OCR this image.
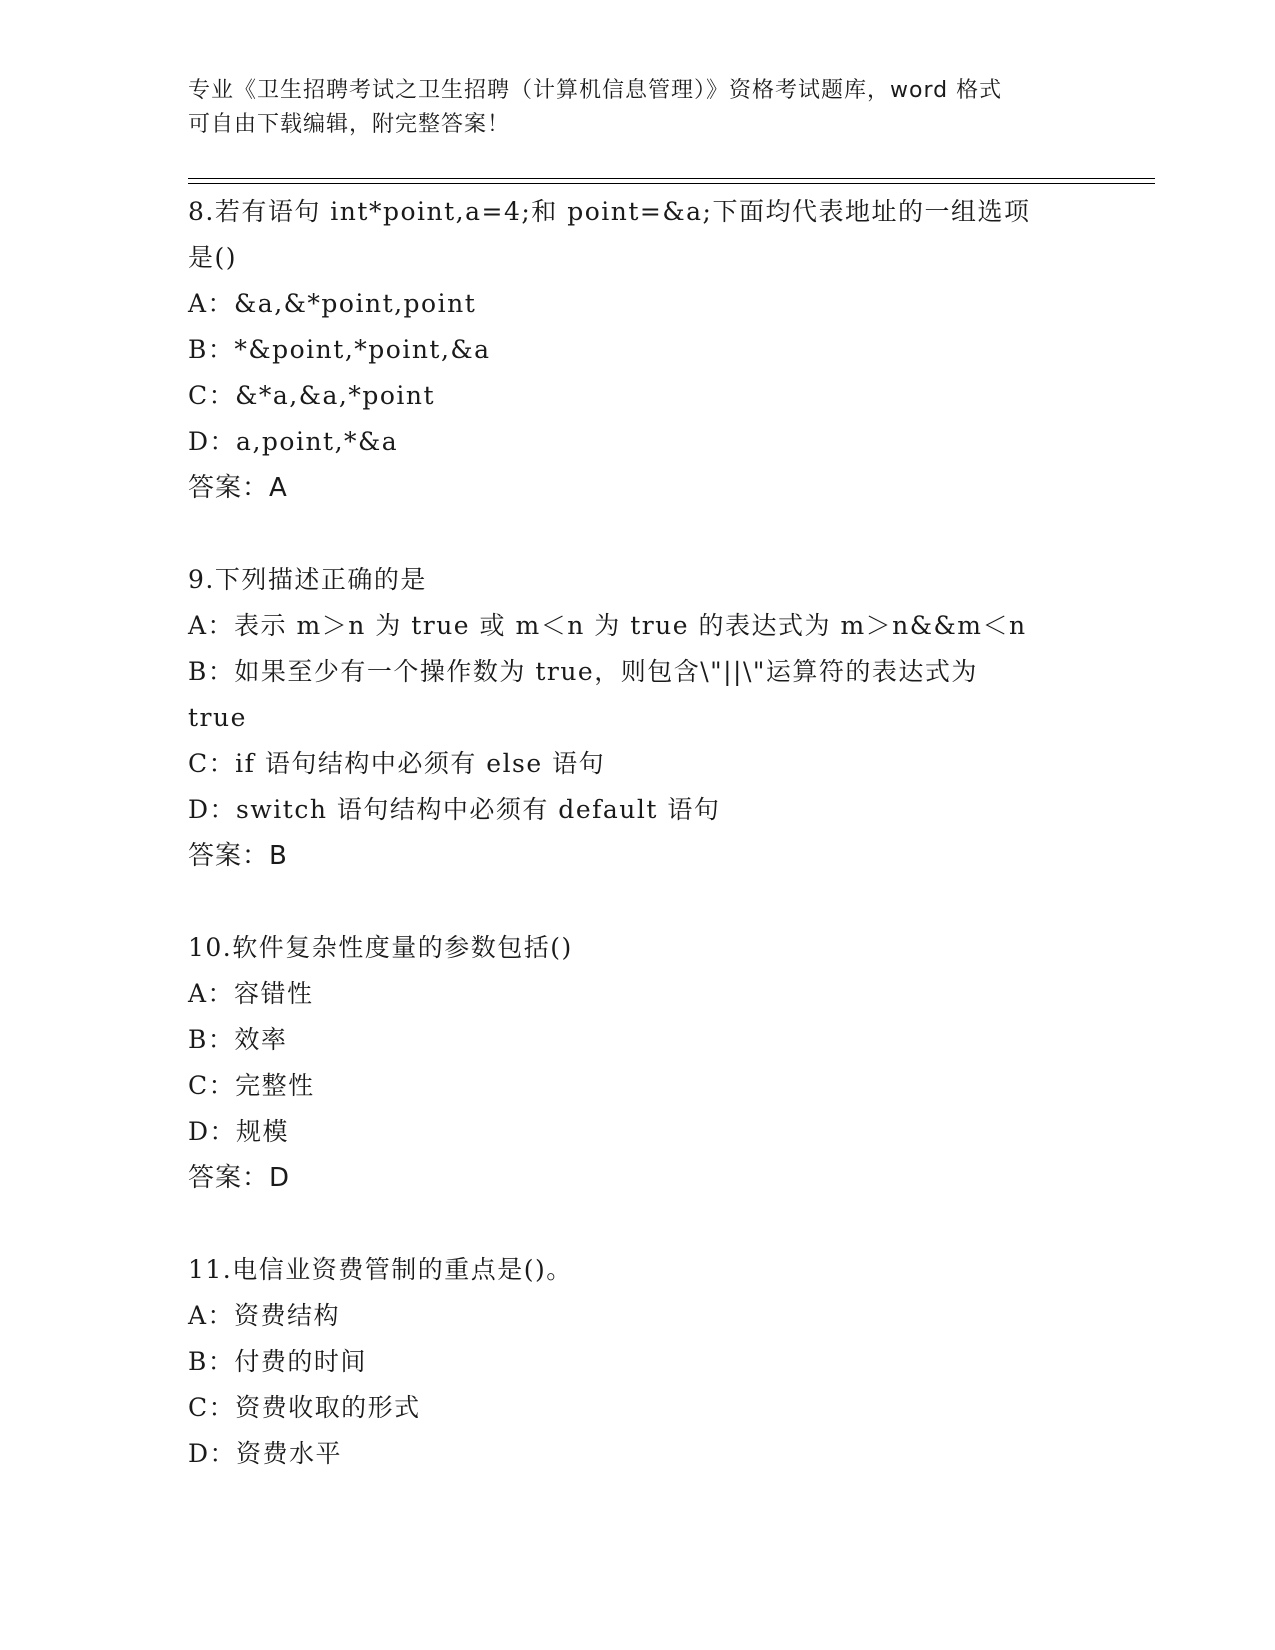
专业《卫生招聘考试之卫生招聘（计算机信息管理）》资格考试题库，word 格式
可自由下载编辑，附完整答案！
8.若有语句 int*point,a=4;和 point=&a;下面均代表地址的一组选项
是()
A：&a,&*point,point
B：*&point,*point,&a
C：&*a,&a,*point
D：a,point,*&a
答案：A
9.下列描述正确的是
A：表示 m＞n 为 true 或 m＜n 为 true 的表达式为 m＞n&&m＜n
B：如果至少有一个操作数为 true，则包含\"||\"运算符的表达式为
true
C：if 语句结构中必须有 else 语句
D：switch 语句结构中必须有 default 语句
答案：B
10.软件复杂性度量的参数包括()
A：容错性
B：效率
C：完整性
D：规模
答案：D
11.电信业资费管制的重点是()。
A：资费结构
B：付费的时间
C：资费收取的形式
D：资费水平
